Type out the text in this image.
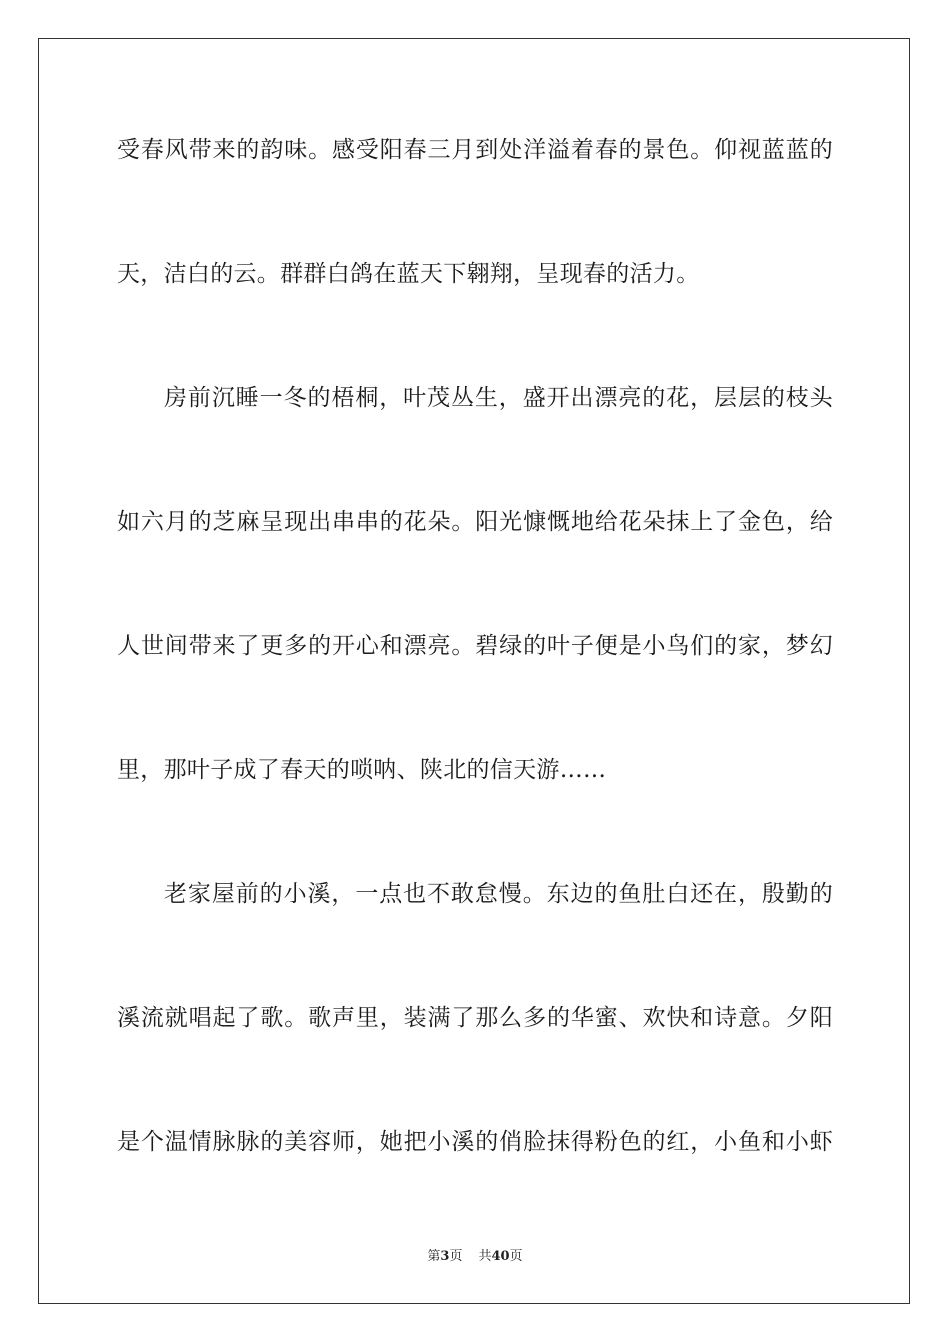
受春风带来的韵味。感受阳春三月到处洋溢着春的景色。仰视蓝蓝的
天，洁白的云。群群白鸽在蓝天下翱翔，呈现春的活力。
房前沉睡一冬的梧桐，叶茂丛生，盛开出漂亮的花，层层的枝头
如六月的芝麻呈现出串串的花朵。阳光慷慨地给花朵抹上了金色，给
人世间带来了更多的开心和漂亮。碧绿的叶子便是小鸟们的家，梦幻
里，那叶子成了春天的唢呐、陕北的信天游……
老家屋前的小溪，一点也不敢怠慢。东边的鱼肚白还在，殷勤的
溪流就唱起了歌。歌声里，装满了那么多的华蜜、欢快和诗意。夕阳
是个温情脉脉的美容师，她把小溪的俏脸抹得粉色的红，小鱼和小虾
第3页 共40页
